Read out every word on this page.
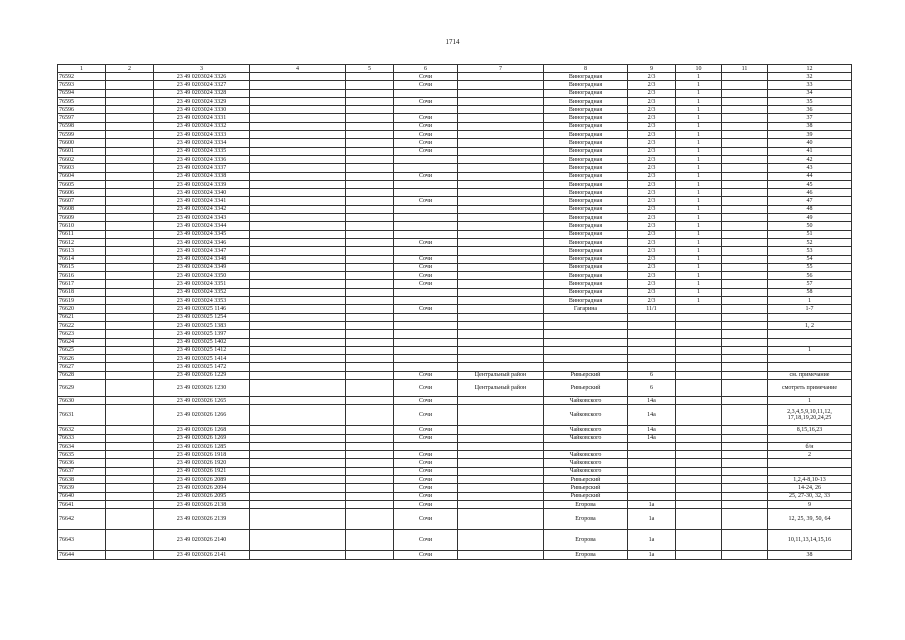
1714
1	2	3	4	5	6	7	8	9	10	11	12
76592		23 49 0203024 3326			Сочи		Виноградная	2/3	1		32
76593		23 49 0203024 3327			Сочи		Виноградная	2/3	1		33
76594		23 49 0203024 3328					Виноградная	2/3	1		34
76595		23 49 0203024 3329			Сочи		Виноградная	2/3	1		35
76596		23 49 0203024 3330					Виноградная	2/3	1		36
76597		23 49 0203024 3331			Сочи		Виноградная	2/3	1		37
76598		23 49 0203024 3332			Сочи		Виноградная	2/3	1		38
76599		23 49 0203024 3333			Сочи		Виноградная	2/3	1		39
76600		23 49 0203024 3334			Сочи		Виноградная	2/3	1		40
76601		23 49 0203024 3335			Сочи		Виноградная	2/3	1		41
76602		23 49 0203024 3336					Виноградная	2/3	1		42
76603		23 49 0203024 3337					Виноградная	2/3	1		43
76604		23 49 0203024 3338			Сочи		Виноградная	2/3	1		44
76605		23 49 0203024 3339					Виноградная	2/3	1		45
76606		23 49 0203024 3340					Виноградная	2/3	1		46
76607		23 49 0203024 3341			Сочи		Виноградная	2/3	1		47
76608		23 49 0203024 3342					Виноградная	2/3	1		48
76609		23 49 0203024 3343					Виноградная	2/3	1		49
76610		23 49 0203024 3344					Виноградная	2/3	1		50
76611		23 49 0203024 3345					Виноградная	2/3	1		51
76612		23 49 0203024 3346			Сочи		Виноградная	2/3	1		52
76613		23 49 0203024 3347					Виноградная	2/3	1		53
76614		23 49 0203024 3348			Сочи		Виноградная	2/3	1		54
76615		23 49 0203024 3349			Сочи		Виноградная	2/3	1		55
76616		23 49 0203024 3350			Сочи		Виноградная	2/3	1		56
76617		23 49 0203024 3351			Сочи		Виноградная	2/3	1		57
76618		23 49 0203024 3352					Виноградная	2/3	1		58
76619		23 49 0203024 3353					Виноградная	2/3	1		1
76620		23 49 0203025 1146			Сочи		Гагарина	11/1			1-7
76621		23 49 0203025 1254									
76622		23 49 0203025 1383									1, 2
76623		23 49 0203025 1397									
76624		23 49 0203025 1402									
76625		23 49 0203025 1412									1
76626		23 49 0203025 1414									
76627		23 49 0203025 1472									
76628		23 49 0203026 1229			Сочи	Центральный район	Ривьерский	6			см. примечание
76629		23 49 0203026 1230			Сочи	Центральный район	Ривьерский	6			смотреть примечание
76630		23 49 0203026 1265			Сочи		Чайковского	14а			1
76631		23 49 0203026 1266			Сочи		Чайковского	14а			2,3,4,5,9,10,11,12, 17,18,19,20,24,25
76632		23 49 0203026 1268			Сочи		Чайковского	14а			8,15,16,23
76633		23 49 0203026 1269			Сочи		Чайковского	14а			
76634		23 49 0203026 1285									б/н
76635		23 49 0203026 1918			Сочи		Чайковского				2
76636		23 49 0203026 1920			Сочи		Чайковского				
76637		23 49 0203026 1921			Сочи		Чайковского				
76638		23 49 0203026 2089			Сочи		Ривьерский				1,2,4-8,10-13
76639		23 49 0203026 2094			Сочи		Ривьерский				14-24, 26
76640		23 49 0203026 2095			Сочи		Ривьерский				25, 27-30, 32, 33
76641		23 49 0203026 2138			Сочи		Егорова	1а			9
76642		23 49 0203026 2139			Сочи		Егорова	1а			12, 25, 39, 50, 64
76643		23 49 0203026 2140			Сочи		Егорова	1а			10,11,13,14,15,16
76644		23 49 0203026 2141			Сочи		Егорова	1а			38
